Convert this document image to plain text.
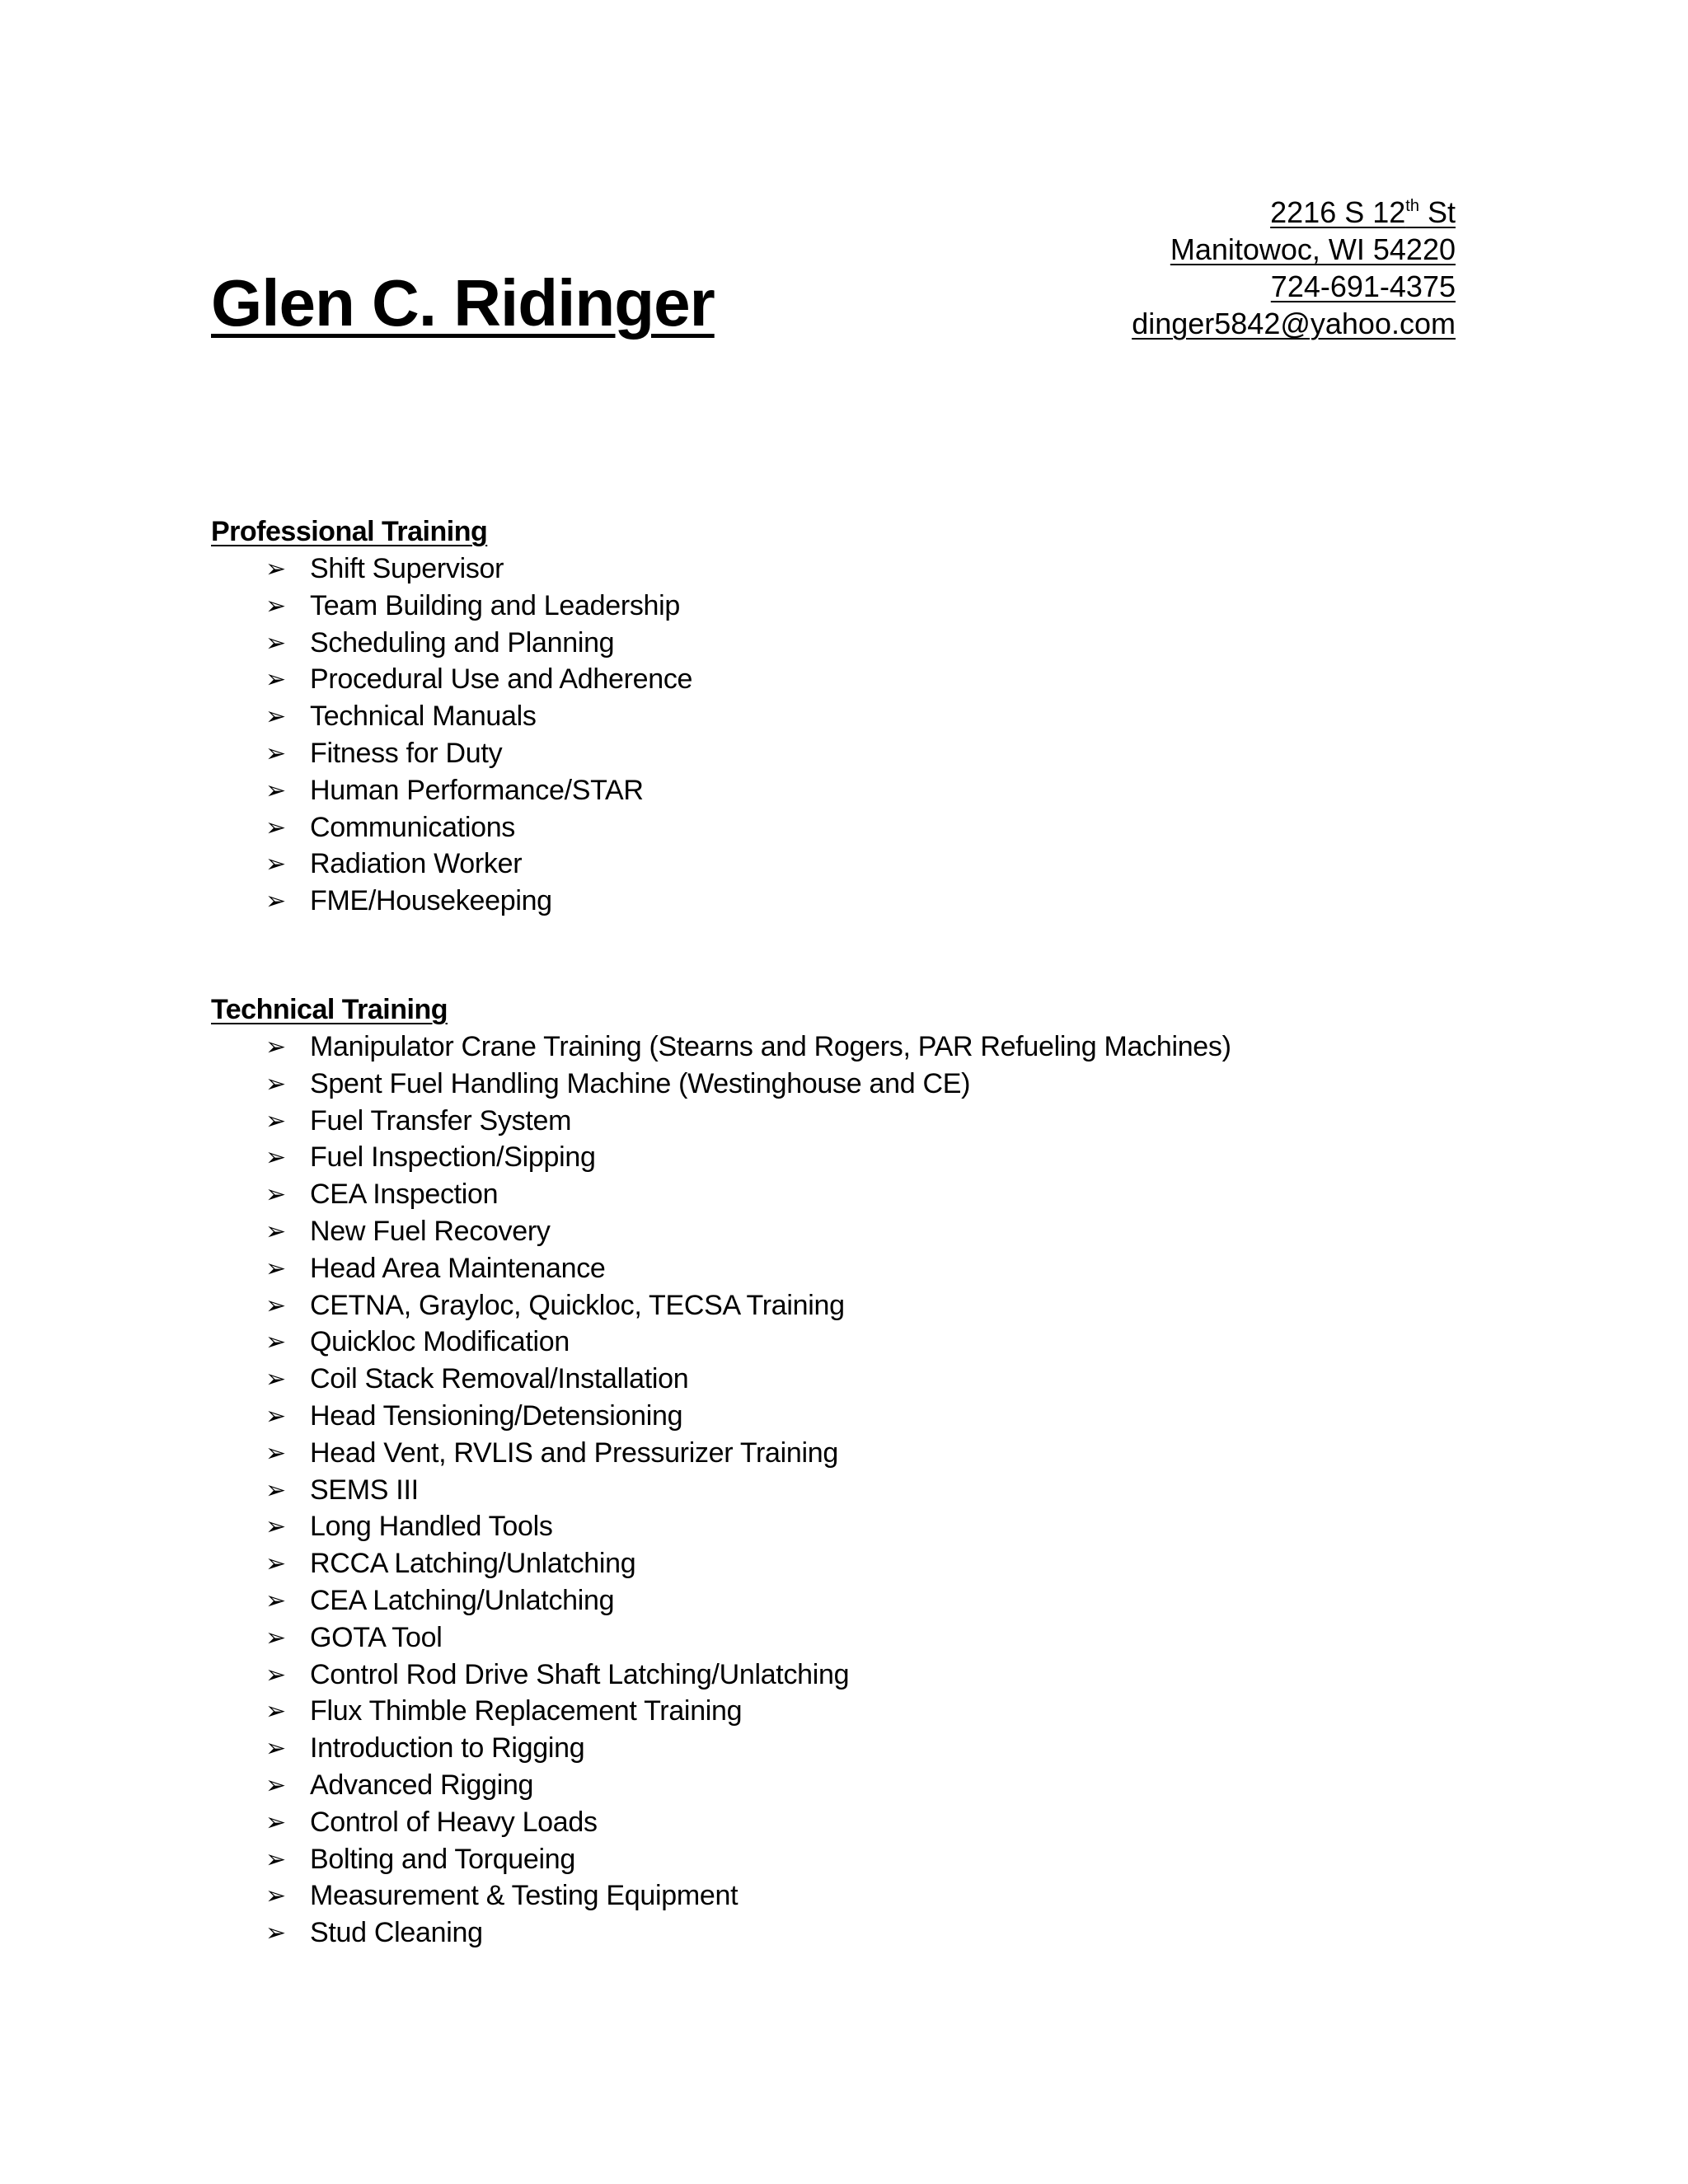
Glen C. Ridinger
2216 S 12th St
Manitowoc, WI 54220
724-691-4375
dinger5842@yahoo.com
Professional Training
➢ Shift Supervisor
➢ Team Building and Leadership
➢ Scheduling and Planning
➢ Procedural Use and Adherence
➢ Technical Manuals
➢ Fitness for Duty
➢ Human Performance/STAR
➢ Communications
➢ Radiation Worker
➢ FME/Housekeeping
Technical Training
➢ Manipulator Crane Training (Stearns and Rogers, PAR Refueling Machines)
➢ Spent Fuel Handling Machine (Westinghouse and CE)
➢ Fuel Transfer System
➢ Fuel Inspection/Sipping
➢ CEA Inspection
➢ New Fuel Recovery
➢ Head Area Maintenance
➢ CETNA, Grayloc, Quickloc, TECSA Training
➢ Quickloc Modification
➢ Coil Stack Removal/Installation
➢ Head Tensioning/Detensioning
➢ Head Vent, RVLIS and Pressurizer Training
➢ SEMS III
➢ Long Handled Tools
➢ RCCA Latching/Unlatching
➢ CEA Latching/Unlatching
➢ GOTA Tool
➢ Control Rod Drive Shaft Latching/Unlatching
➢ Flux Thimble Replacement Training
➢ Introduction to Rigging
➢ Advanced Rigging
➢ Control of Heavy Loads
➢ Bolting and Torqueing
➢ Measurement & Testing Equipment
➢ Stud Cleaning
